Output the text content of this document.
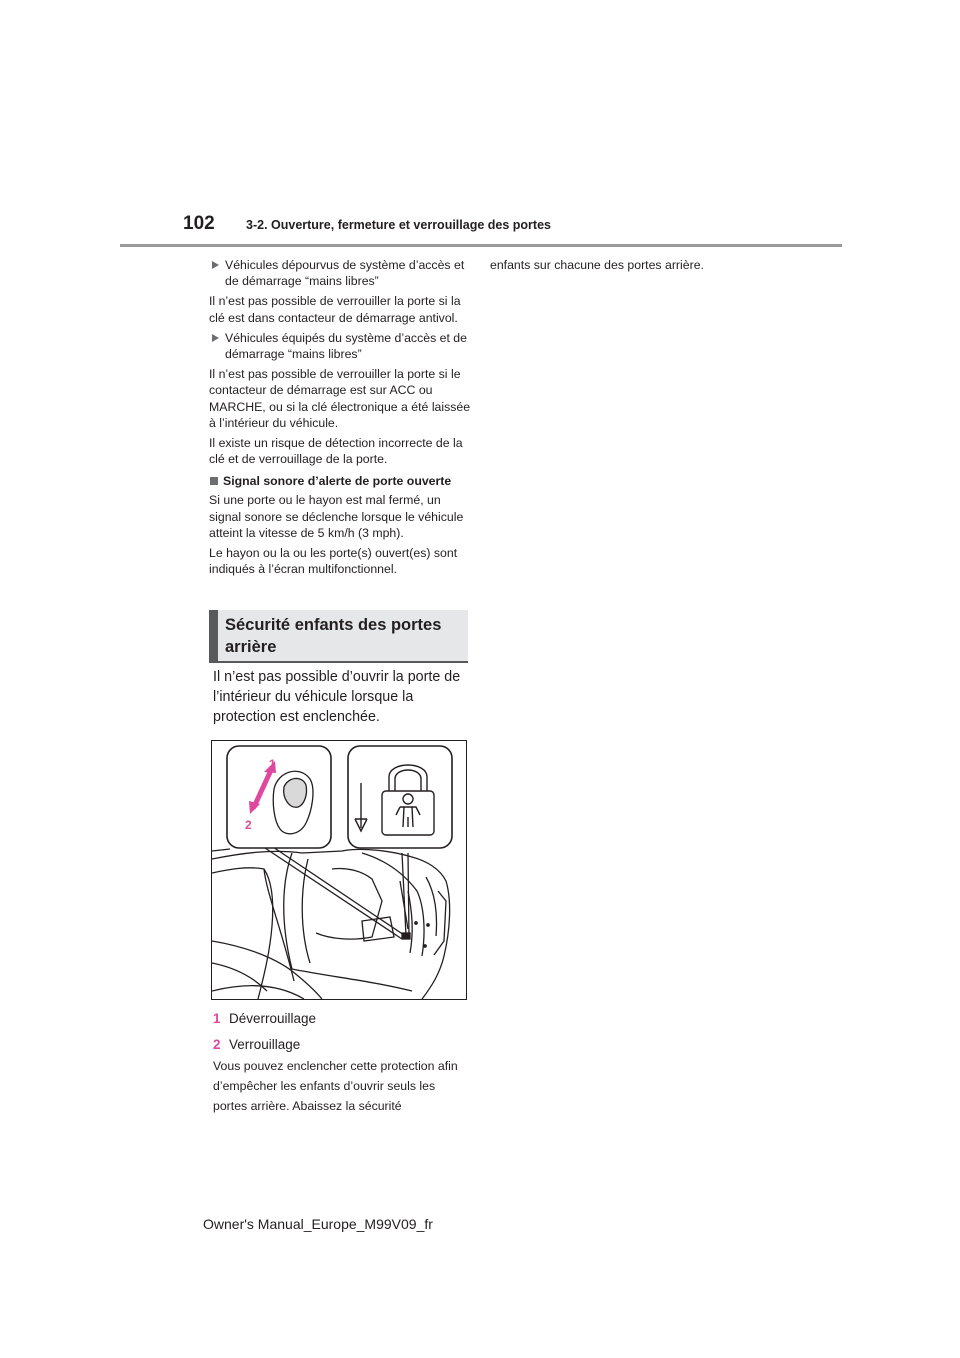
102	3-2. Ouverture, fermeture et verrouillage des portes
Véhicules dépourvus de système d’accès et de démarrage “mains libres”

Il n’est pas possible de verrouiller la porte si la clé est dans contacteur de démarrage antivol.

Véhicules équipés du système d’accès et de démarrage “mains libres”

Il n’est pas possible de verrouiller la porte si le contacteur de démarrage est sur ACC ou MARCHE, ou si la clé électronique a été laissée à l’intérieur du véhicule.

Il existe un risque de détection incorrecte de la clé et de verrouillage de la porte.

Signal sonore d’alerte de porte ouverte

Si une porte ou le hayon est mal fermé, un signal sonore se déclenche lorsque le véhicule atteint la vitesse de 5 km/h (3 mph).

Le hayon ou la ou les porte(s) ouvert(es) sont indiqués à l’écran multifonctionnel.

enfants sur chacune des portes arrière.

Sécurité enfants des portes arrière

Il n’est pas possible d’ouvrir la porte de l’intérieur du véhicule lorsque la protection est enclenchée.

1
2
1 Déverrouillage
2 Verrouillage

Vous pouvez enclencher cette protection afin d’empêcher les enfants d’ouvrir seuls les portes arrière. Abaissez la sécurité

Owner's Manual_Europe_M99V09_fr
